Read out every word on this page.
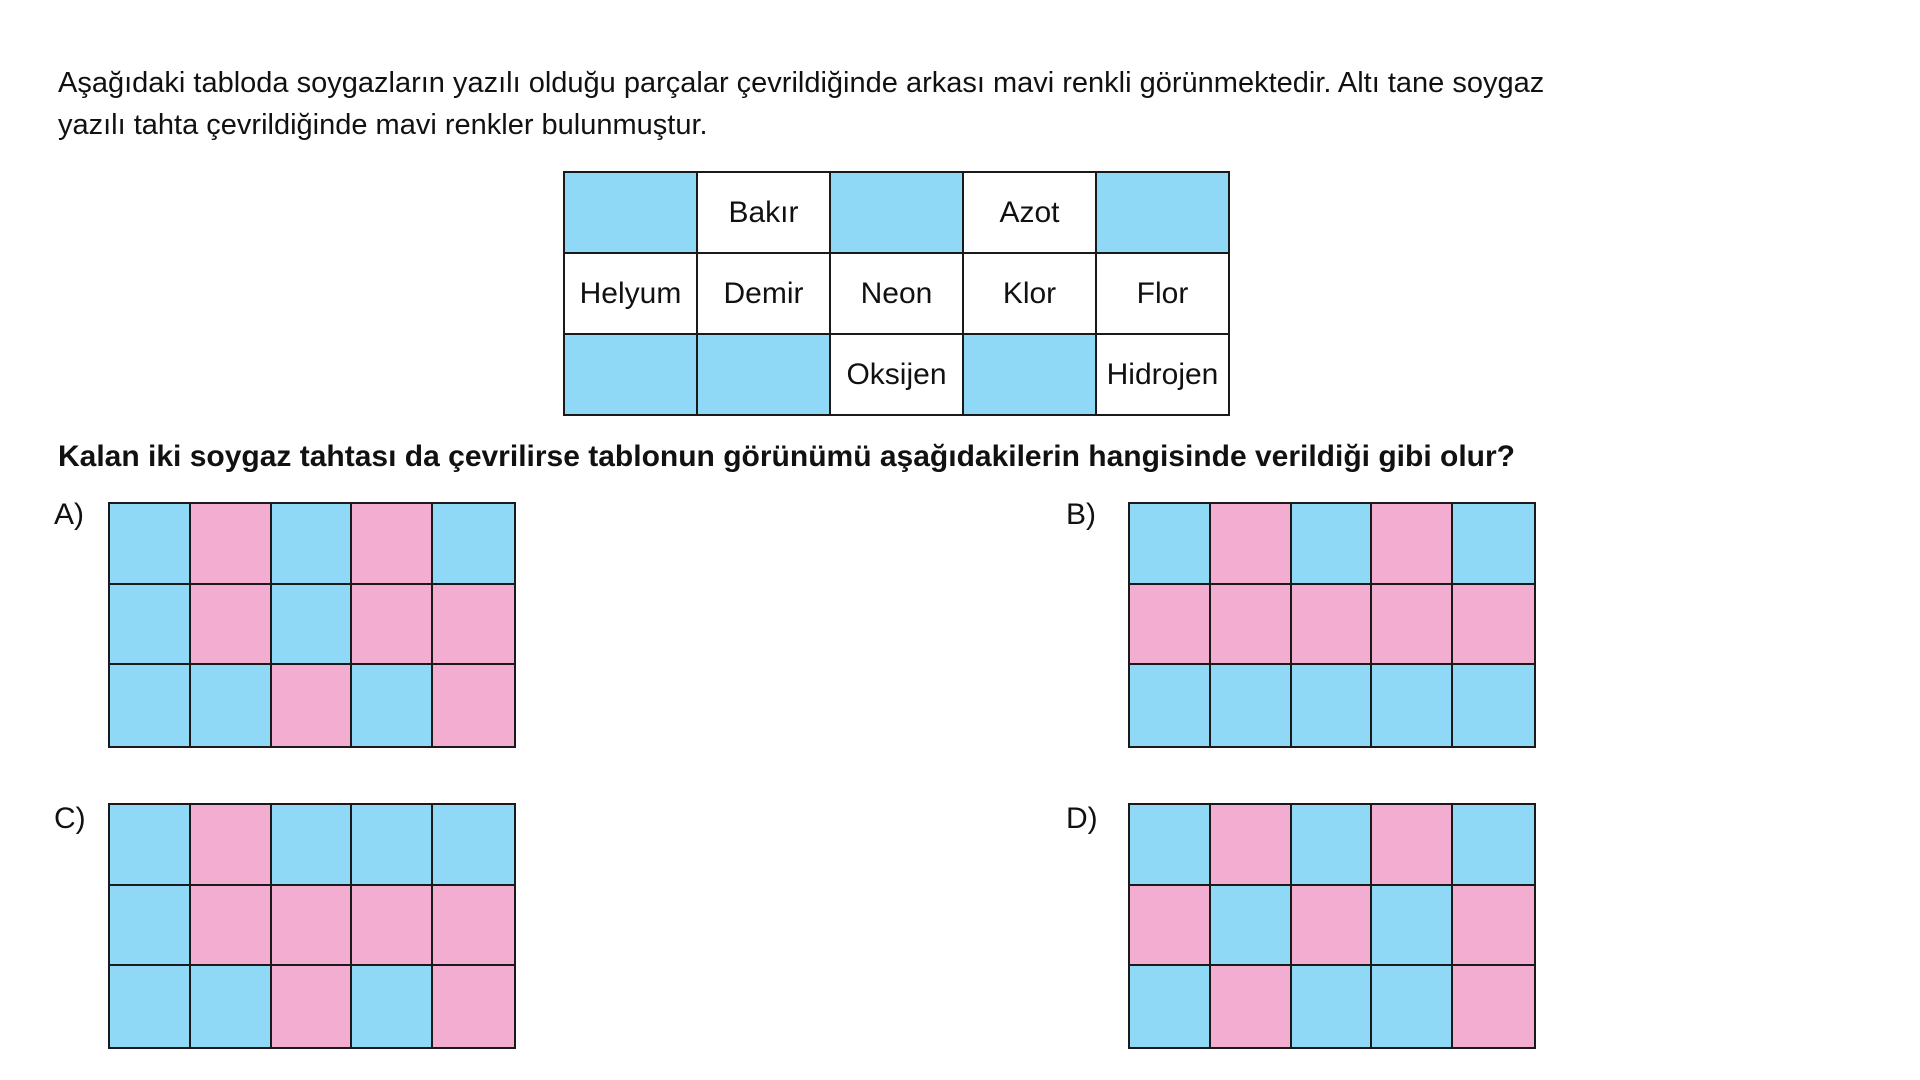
Aşağıdaki tabloda soygazların yazılı olduğu parçalar çevrildiğinde arkası mavi renkli görünmektedir. Altı tane soygaz
yazılı tahta çevrildiğinde mavi renkler bulunmuştur.
	Bakır		Azot	
Helyum	Demir	Neon	Klor	Flor
		Oksijen		Hidrojen
Kalan iki soygaz tahtası da çevrilirse tablonun görünümü aşağıdakilerin hangisinde verildiği gibi olur?
A)	B)
C)	D)
